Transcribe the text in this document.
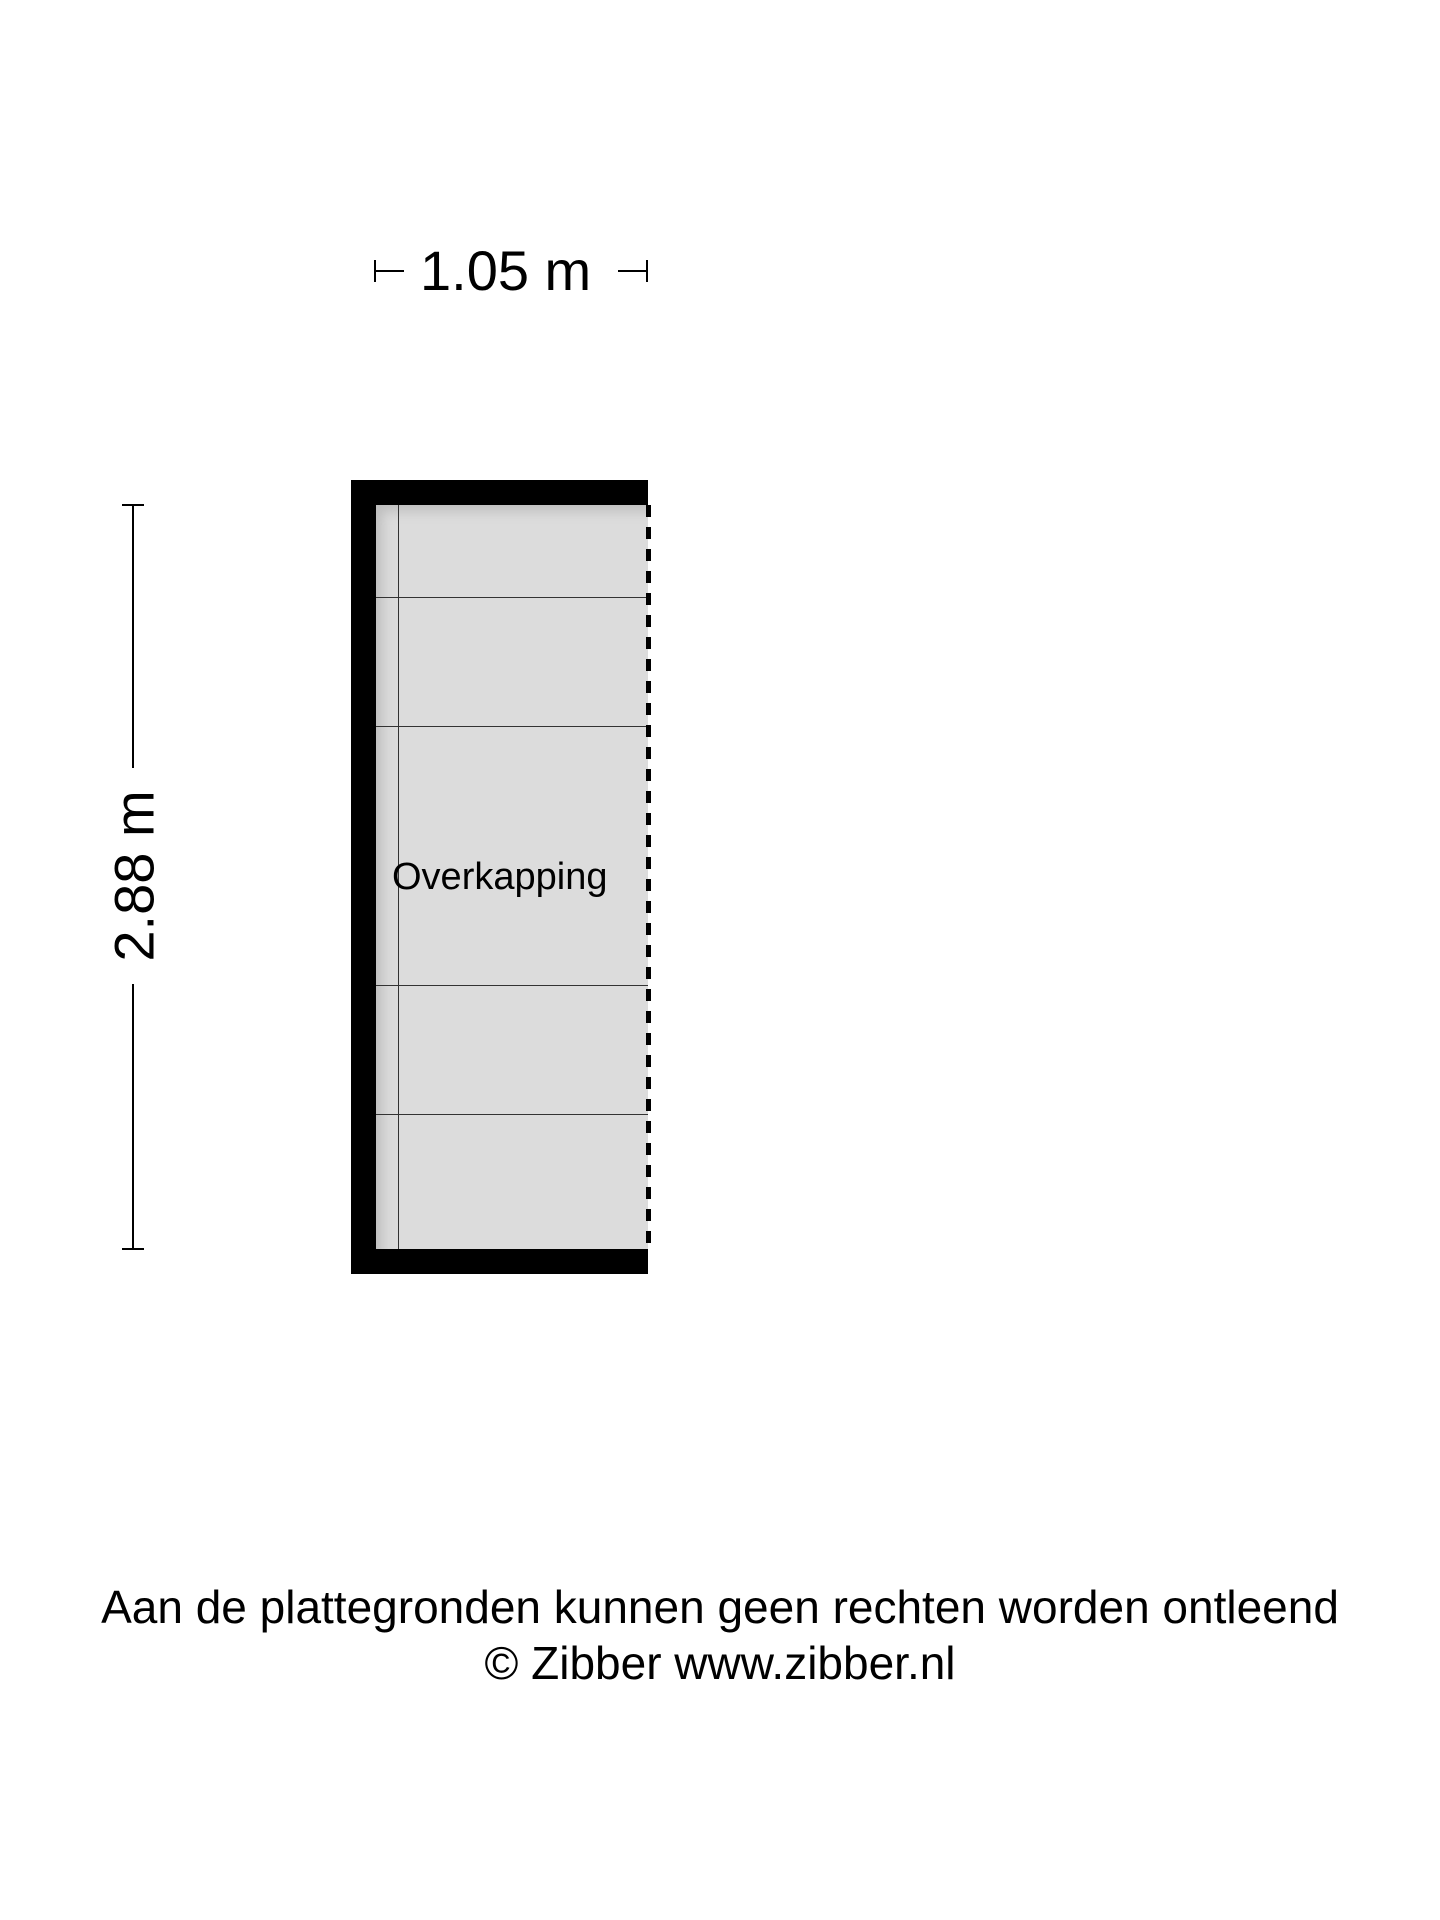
1.05 m
2.88 m	Overkapping
Aan de plattegronden kunnen geen rechten worden ontleend
© Zibber www.zibber.nl
